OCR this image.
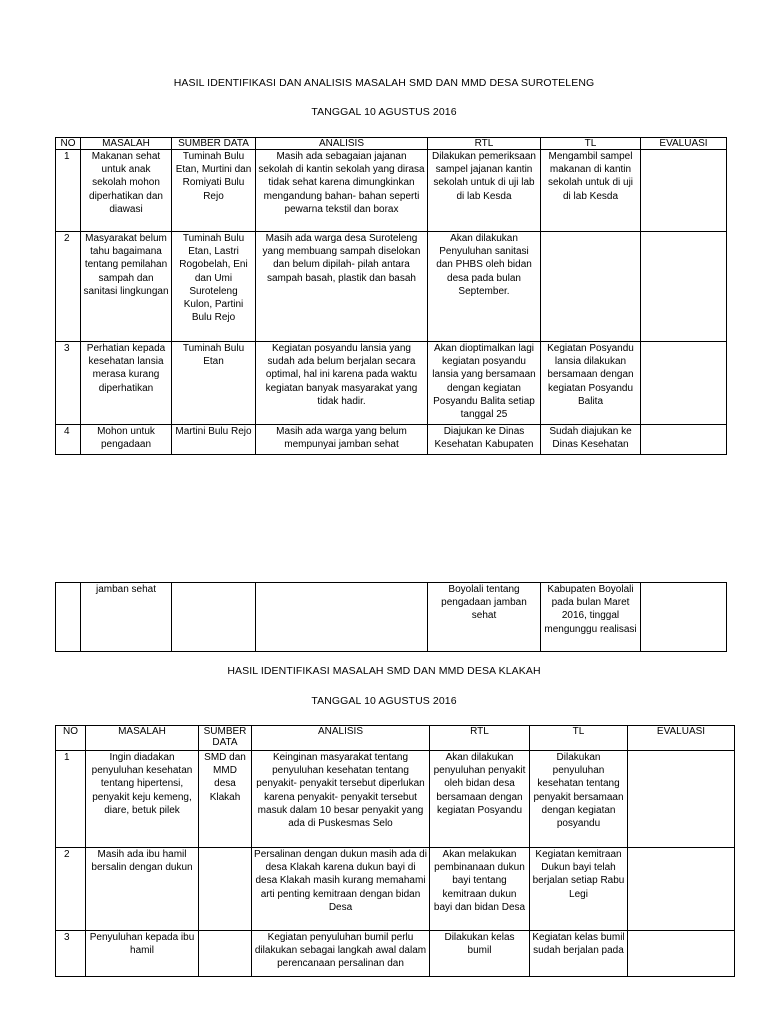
HASIL IDENTIFIKASI DAN ANALISIS MASALAH SMD DAN MMD DESA SUROTELENG
TANGGAL 10 AGUSTUS 2016
NO	MASALAH	SUMBER DATA	ANALISIS	RTL	TL	EVALUASI
1	Makanan sehat untuk anak sekolah mohon diperhatikan dan diawasi	Tuminah Bulu Etan, Murtini dan Romiyati Bulu Rejo	Masih ada sebagaian jajanan sekolah di kantin sekolah yang dirasa tidak sehat karena dimungkinkan mengandung bahan- bahan seperti pewarna tekstil dan borax	Dilakukan pemeriksaan sampel jajanan kantin sekolah untuk di uji lab di lab Kesda	Mengambil sampel makanan di kantin sekolah untuk di uji di lab Kesda	
2	Masyarakat belum tahu bagaimana tentang pemilahan sampah dan sanitasi lingkungan	Tuminah Bulu Etan, Lastri Rogobelah, Eni dan Umi Suroteleng Kulon, Partini Bulu Rejo	Masih ada warga desa Suroteleng yang membuang sampah diselokan dan belum dipilah- pilah antara sampah basah, plastik dan basah	Akan dilakukan Penyuluhan sanitasi dan PHBS oleh bidan desa pada bulan September.		
3	Perhatian kepada kesehatan lansia merasa kurang diperhatikan	Tuminah Bulu Etan	Kegiatan posyandu lansia yang sudah ada belum berjalan secara optimal, hal ini karena pada waktu kegiatan banyak masyarakat yang tidak hadir.	Akan dioptimalkan lagi kegiatan posyandu lansia yang bersamaan dengan kegiatan Posyandu Balita setiap tanggal 25	Kegiatan Posyandu lansia dilakukan bersamaan dengan kegiatan Posyandu Balita	
4	Mohon untuk pengadaan	Martini Bulu Rejo	Masih ada warga yang belum mempunyai jamban sehat	Diajukan ke Dinas Kesehatan Kabupaten	Sudah diajukan ke Dinas Kesehatan	
	jamban sehat			Boyolali tentang pengadaan jamban sehat	Kabupaten Boyolali pada bulan Maret 2016, tinggal mengunggu realisasi	
HASIL IDENTIFIKASI MASALAH SMD DAN MMD DESA KLAKAH
TANGGAL 10 AGUSTUS 2016
NO	MASALAH	SUMBER DATA	ANALISIS	RTL	TL	EVALUASI
1	Ingin diadakan penyuluhan kesehatan tentang hipertensi, penyakit keju kemeng, diare, betuk pilek	SMD dan MMD desa Klakah	Keinginan masyarakat tentang penyuluhan kesehatan tentang penyakit- penyakit tersebut diperlukan karena penyakit- penyakit tersebut masuk dalam 10 besar penyakit yang ada di Puskesmas Selo	Akan dilakukan penyuluhan penyakit oleh bidan desa bersamaan dengan kegiatan Posyandu	Dilakukan penyuluhan kesehatan tentang penyakit bersamaan dengan kegiatan posyandu	
2	Masih ada ibu hamil bersalin dengan dukun		Persalinan dengan dukun masih ada di desa Klakah karena dukun bayi di desa Klakah masih kurang memahami arti penting kemitraan dengan bidan Desa	Akan melakukan pembinanaan dukun bayi tentang kemitraan dukun bayi dan bidan Desa	Kegiatan kemitraan Dukun bayi telah berjalan setiap Rabu Legi	
3	Penyuluhan kepada ibu hamil		Kegiatan penyuluhan bumil perlu dilakukan sebagai langkah awal dalam perencanaan persalinan dan	Dilakukan kelas bumil	Kegiatan kelas bumil sudah berjalan pada	
